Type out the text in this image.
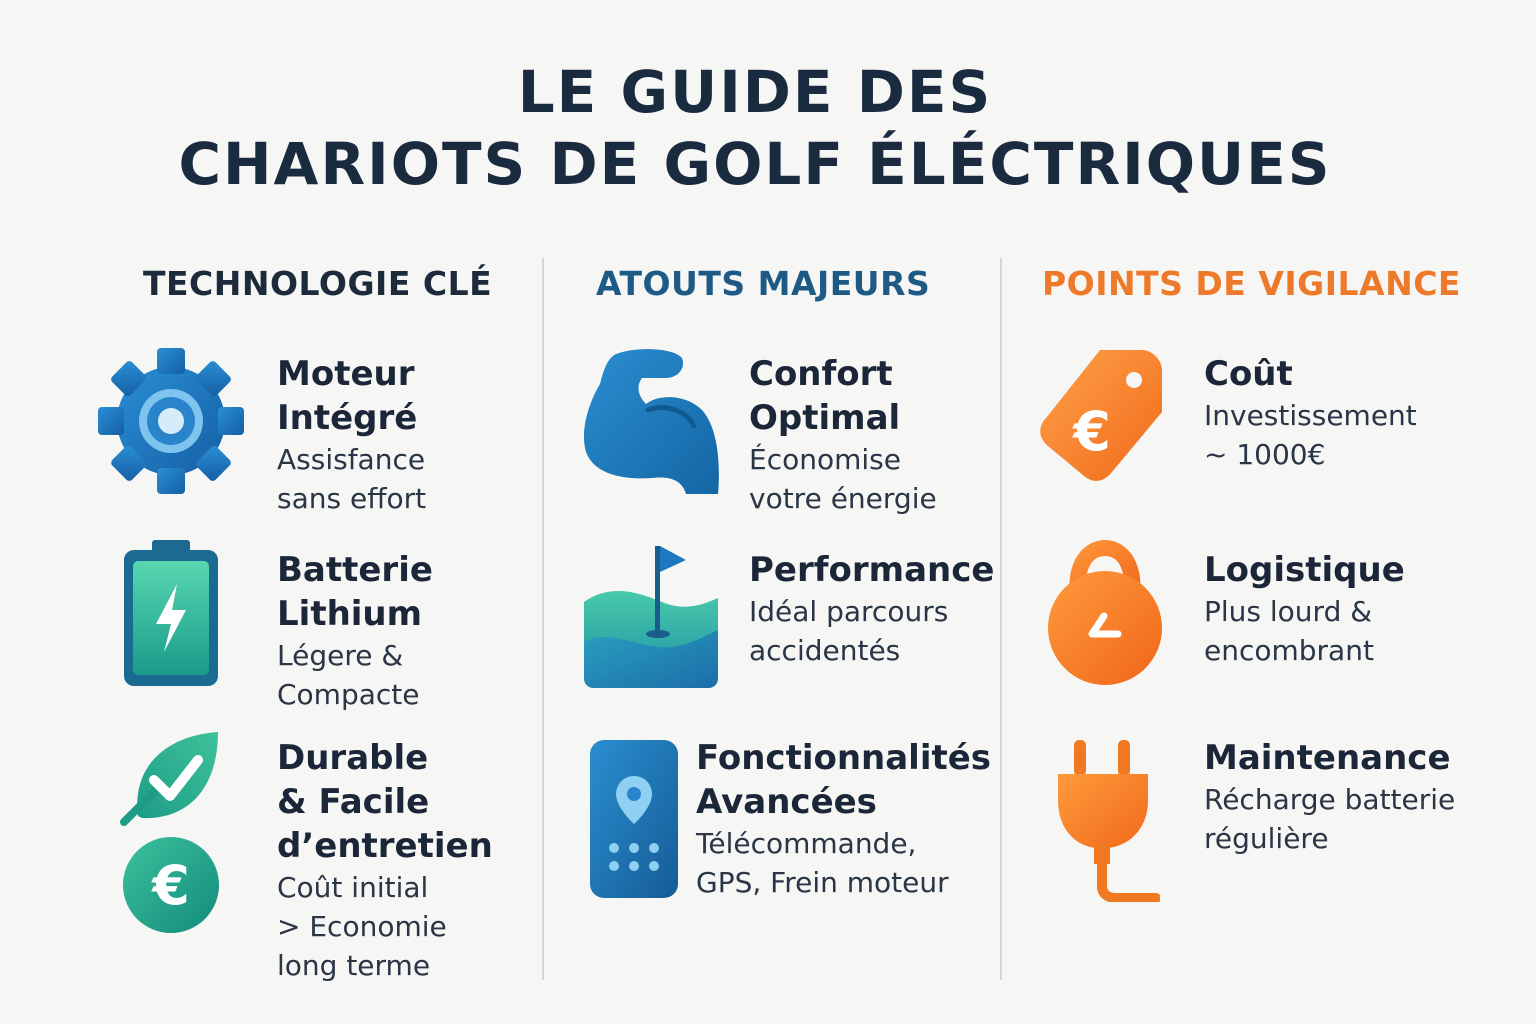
LE GUIDE DES
CHARIOTS DE GOLF ÉLÉCTRIQUES
TECHNOLOGIE CLÉ	ATOUTS MAJEURS	POINTS DE VIGILANCE
Moteur
Intégré
Assisfance
sans effort
Batterie
Lithium
Légere &
Compacte
€
Durable
& Facile
d’entretien
Coût initial
> Economie
long terme
Confort
Optimal
Économise
votre énergie
Performance
Idéal parcours
accidentés
Fonctionnalités
Avancées
Télécommande,
GPS, Frein moteur
€
Coût
Investissement
~ 1000€
Logistique
Plus lourd &
encombrant
Maintenance
Récharge batterie
régulière
